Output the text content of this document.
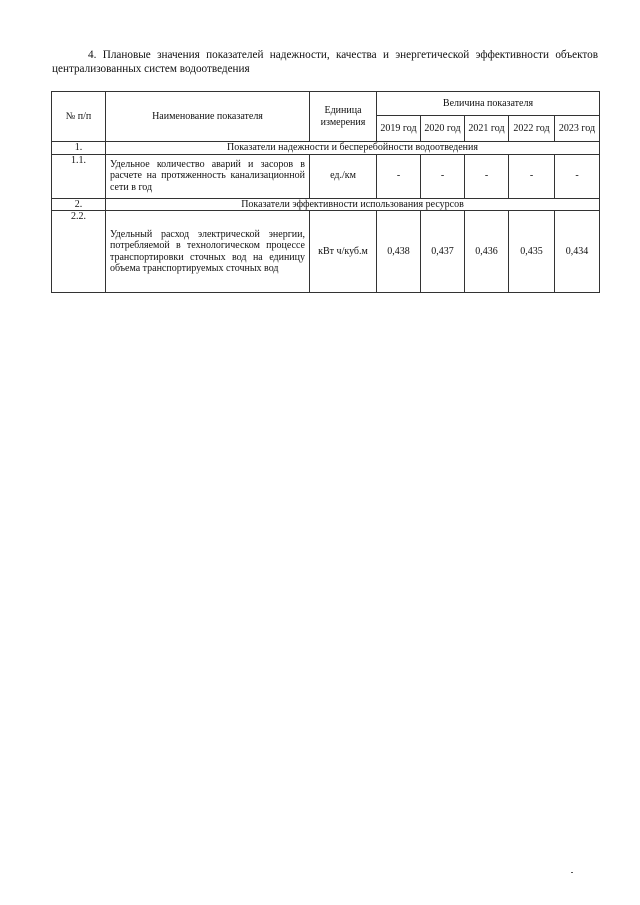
4. Плановые значения показателей надежности, качества и энергетической эффективности объектов централизованных систем водоотведения
№ п/п	Наименование показателя	Единица измерения	Величина показателя				
			2019 год	2020 год	2021 год	2022 год	2023 год
1.	Показатели надежности и бесперебойности водоотведения						
1.1.	Удельное количество аварий и засоров в расчете на протяженность канализационной сети в год	ед./км	-	-	-	-	-
2.	Показатели эффективности использования ресурсов						
2.2.	Удельный расход электрической энергии, потребляемой в технологическом процессе транспортировки сточных вод на единицу объема транспортируемых сточных вод	кВт ч/куб.м	0,438	0,437	0,436	0,435	0,434
